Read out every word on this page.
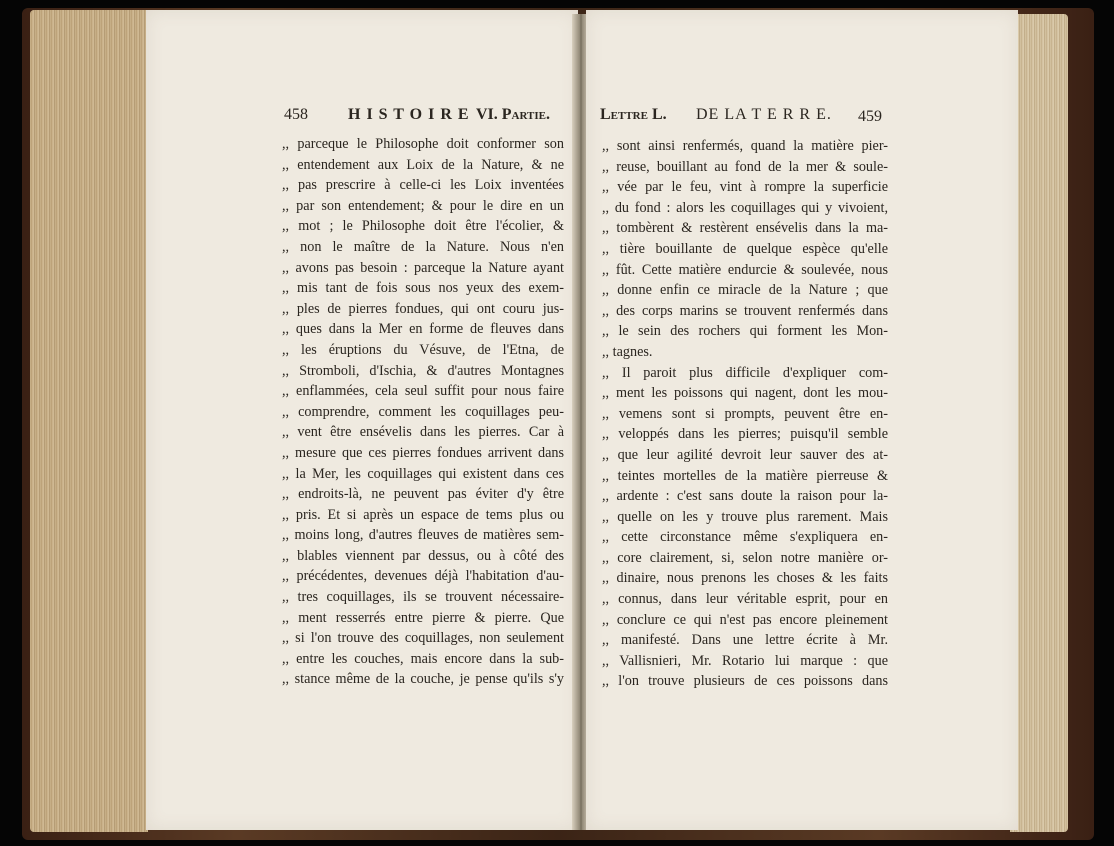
458	H I S T O I R E VI. Partie.
,, parceque le Philosophe doit conformer son
,, entendement aux Loix de la Nature, & ne
,, pas prescrire à celle-ci les Loix inventées
,, par son entendement; & pour le dire en un
,, mot ; le Philosophe doit être l'écolier, &
,, non le maître de la Nature. Nous n'en
,, avons pas besoin : parceque la Nature ayant
,, mis tant de fois sous nos yeux des exem-
,, ples de pierres fondues, qui ont couru jus-
,, ques dans la Mer en forme de fleuves dans
,, les éruptions du Vésuve, de l'Etna, de
,, Stromboli, d'Ischia, & d'autres Montagnes
,, enflammées, cela seul suffit pour nous faire
,, comprendre, comment les coquillages peu-
,, vent être ensévelis dans les pierres. Car à
,, mesure que ces pierres fondues arrivent dans
,, la Mer, les coquillages qui existent dans ces
,, endroits-là, ne peuvent pas éviter d'y être
,, pris. Et si après un espace de tems plus ou
,, moins long, d'autres fleuves de matières sem-
,, blables viennent par dessus, ou à côté des
,, précédentes, devenues déjà l'habitation d'au-
,, tres coquillages, ils se trouvent nécessaire-
,, ment resserrés entre pierre & pierre. Que
,, si l'on trouve des coquillages, non seulement
,, entre les couches, mais encore dans la sub-
,, stance même de la couche, je pense qu'ils s'y
Lettre L. DE LA T E R R E. 459
,, sont ainsi renfermés, quand la matière pier-
,, reuse, bouillant au fond de la mer & soule-
,, vée par le feu, vint à rompre la superficie
,, du fond : alors les coquillages qui y vivoient,
,, tombèrent & restèrent ensévelis dans la ma-
,, tière bouillante de quelque espèce qu'elle
,, fût. Cette matière endurcie & soulevée, nous
,, donne enfin ce miracle de la Nature ; que
,, des corps marins se trouvent renfermés dans
,, le sein des rochers qui forment les Mon-
,, tagnes.
,, Il paroit plus difficile d'expliquer com-
,, ment les poissons qui nagent, dont les mou-
,, vemens sont si prompts, peuvent être en-
,, veloppés dans les pierres; puisqu'il semble
,, que leur agilité devroit leur sauver des at-
,, teintes mortelles de la matière pierreuse &
,, ardente : c'est sans doute la raison pour la-
,, quelle on les y trouve plus rarement. Mais
,, cette circonstance même s'expliquera en-
,, core clairement, si, selon notre manière or-
,, dinaire, nous prenons les choses & les faits
,, connus, dans leur véritable esprit, pour en
,, conclure ce qui n'est pas encore pleinement
,, manifesté. Dans une lettre écrite à Mr.
,, Vallisnieri, Mr. Rotario lui marque : que
,, l'on trouve plusieurs de ces poissons dans
